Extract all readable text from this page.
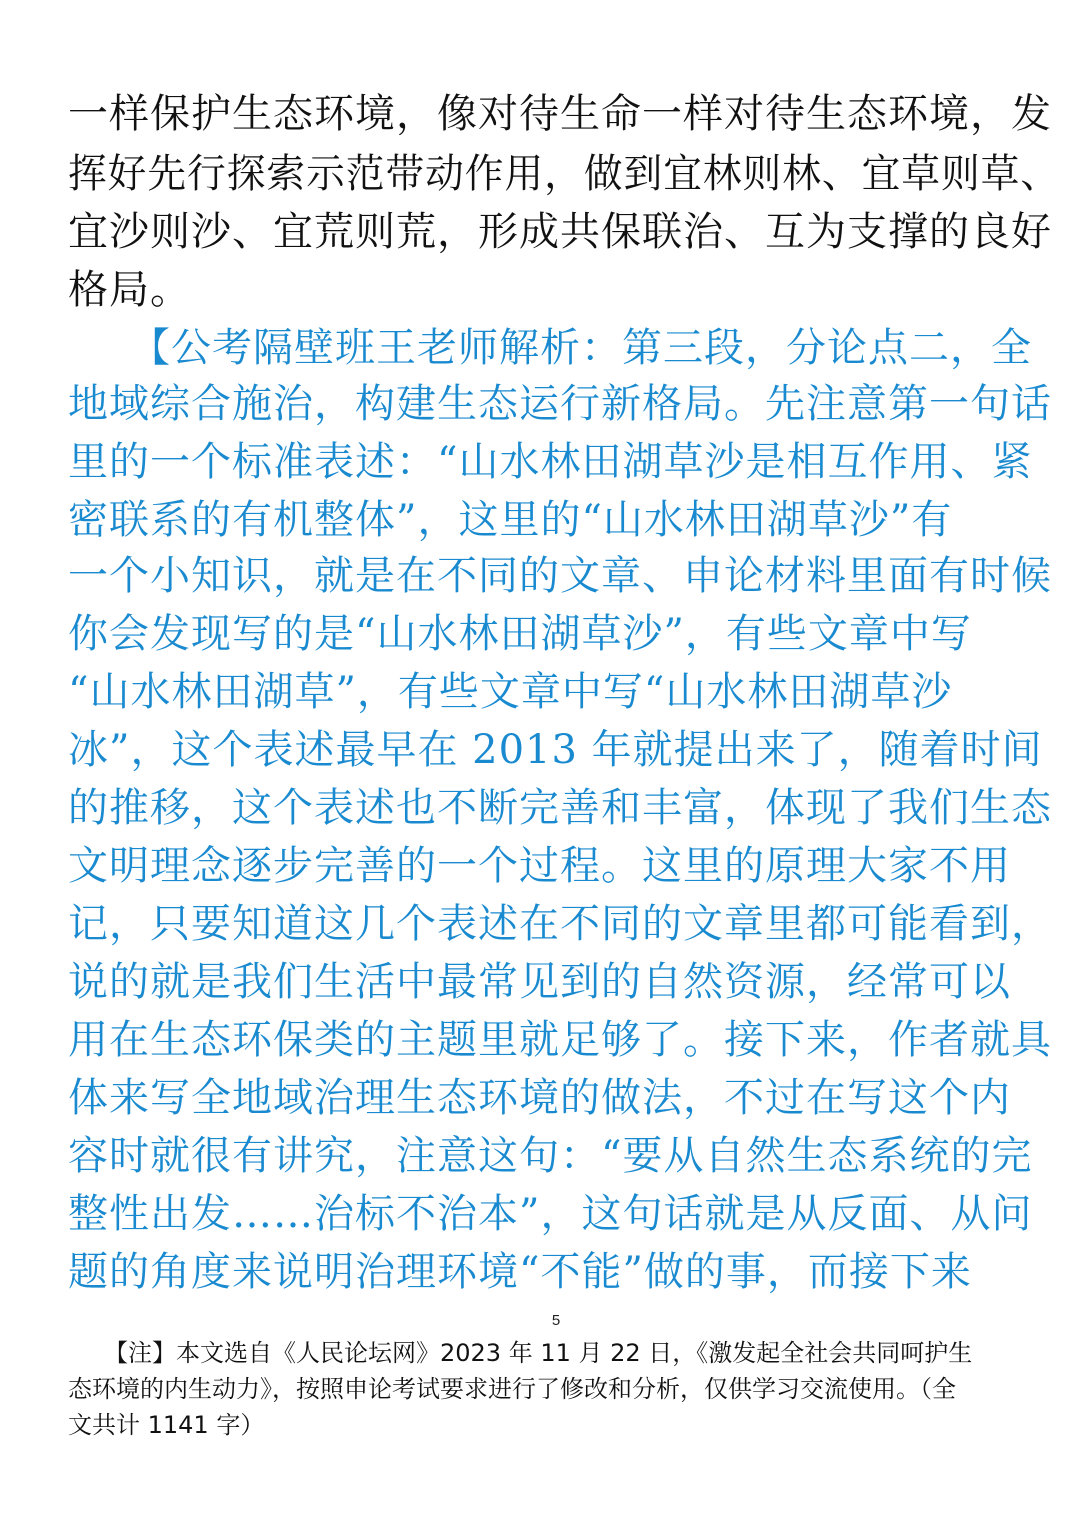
一样保护生态环境，像对待生命一样对待生态环境，发
挥好先行探索示范带动作用，做到宜林则林、宜草则草、
宜沙则沙、宜荒则荒，形成共保联治、互为支撑的良好
格局。
　　【公考隔壁班王老师解析：第三段，分论点二，全
地域综合施治，构建生态运行新格局。先注意第一句话
里的一个标准表述：“山水林田湖草沙是相互作用、紧
密联系的有机整体”，这里的“山水林田湖草沙”有
一个小知识，就是在不同的文章、申论材料里面有时候
你会发现写的是“山水林田湖草沙”，有些文章中写
“山水林田湖草”，有些文章中写“山水林田湖草沙
冰”，这个表述最早在 2013 年就提出来了，随着时间
的推移，这个表述也不断完善和丰富，体现了我们生态
文明理念逐步完善的一个过程。这里的原理大家不用
记，只要知道这几个表述在不同的文章里都可能看到，
说的就是我们生活中最常见到的自然资源，经常可以
用在生态环保类的主题里就足够了。接下来，作者就具
体来写全地域治理生态环境的做法，不过在写这个内
容时就很有讲究，注意这句：“要从自然生态系统的完
整性出发……治标不治本”，这句话就是从反面、从问
题的角度来说明治理环境“不能”做的事，而接下来
5
　　【注】本文选自《人民论坛网》2023 年 11 月 22 日，《激发起全社会共同呵护生
态环境的内生动力》，按照申论考试要求进行了修改和分析，仅供学习交流使用。（全
文共计 1141 字）
